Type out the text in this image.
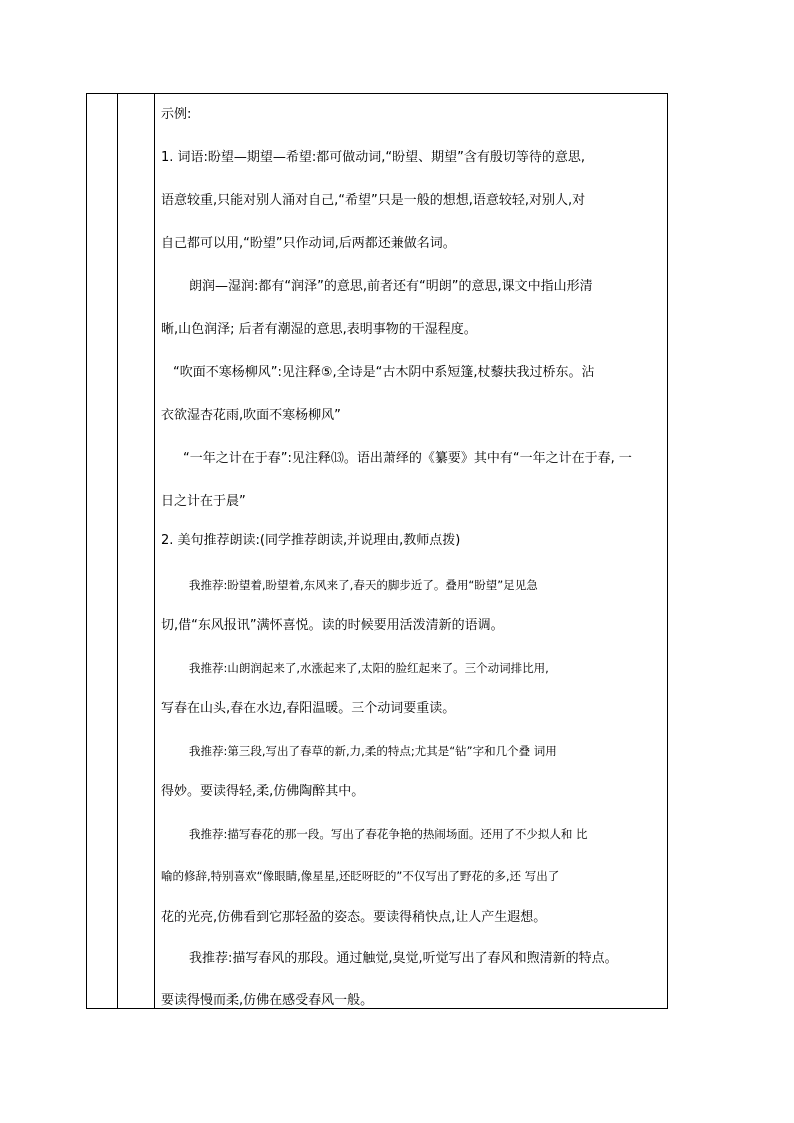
示例:
1. 词语:盼望—期望—希望:都可做动词,“盼望、期望”含有殷切等待的意思,
语意较重,只能对别人涌对自己,“希望”只是一般的想想,语意较轻,对别人,对
自己都可以用,“盼望”只作动词,后两都还兼做名词。
朗润—湿润:都有“润泽”的意思,前者还有“明朗”的意思,课文中指山形清
晰,山色润泽; 后者有潮湿的意思,表明事物的干湿程度。
“吹面不寒杨柳风”:见注释⑤,全诗是“古木阴中系短篷,杖藜扶我过桥东。沾
衣欲湿杏花雨,吹面不寒杨柳风”
“一年之计在于春”:见注释⒀。语出萧绎的《纂要》其中有“一年之计在于春, 一
日之计在于晨”
2. 美句推荐朗读:(同学推荐朗读,并说理由,教师点拨)
我推荐:盼望着,盼望着,东风来了,春天的脚步近了。叠用“盼望”足见急
切,借“东风报讯”满怀喜悦。读的时候要用活泼清新的语调。
我推荐:山朗润起来了,水涨起来了,太阳的脸红起来了。三个动词排比用,
写春在山头,春在水边,春阳温暖。三个动词要重读。
我推荐:第三段,写出了春草的新,力,柔的特点;尤其是“钻”字和几个叠 词用
得妙。要读得轻,柔,仿佛陶醉其中。
我推荐:描写春花的那一段。写出了春花争艳的热闹场面。还用了不少拟人和 比
喻的修辞,特别喜欢“像眼睛,像星星,还眨呀眨的”不仅写出了野花的多,还 写出了
花的光亮,仿佛看到它那轻盈的姿态。要读得稍快点,让人产生遐想。
我推荐:描写春风的那段。通过触觉,臭觉,听觉写出了春风和煦清新的特点。
要读得慢而柔,仿佛在感受春风一般。
